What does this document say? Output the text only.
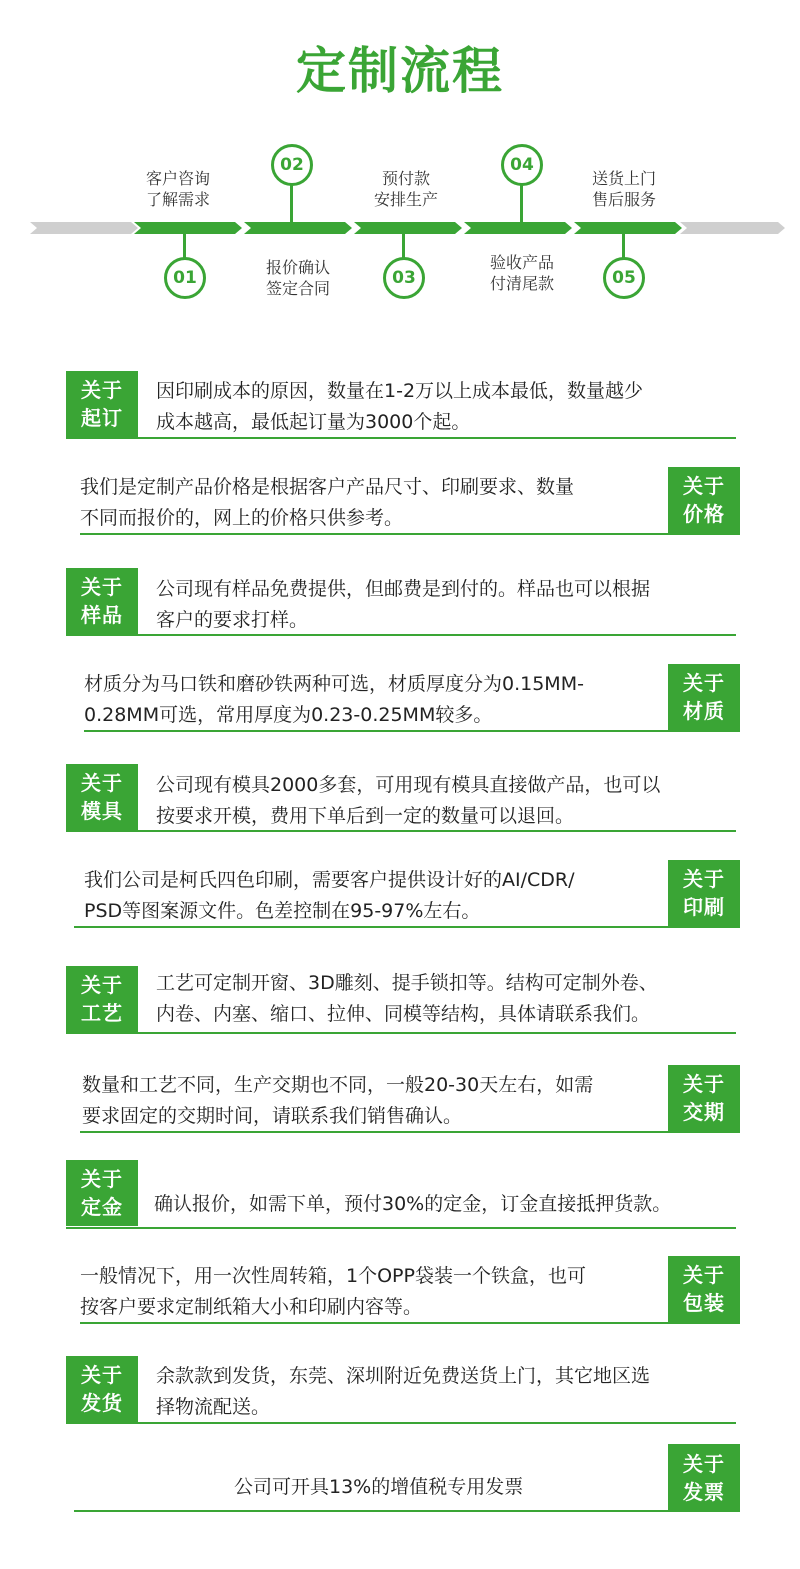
定制流程
01
客户咨询
了解需求
02
报价确认
签定合同
03
预付款
安排生产
04
验收产品
付清尾款	05
送货上门
售后服务
关于
起订
因印刷成本的原因，数量在1-2万以上成本最低，数量越少
成本越高，最低起订量为3000个起。
关于
价格
我们是定制产品价格是根据客户产品尺寸、印刷要求、数量
不同而报价的，网上的价格只供参考。
关于
样品
公司现有样品免费提供，但邮费是到付的。样品也可以根据
客户的要求打样。
关于
材质
材质分为马口铁和磨砂铁两种可选，材质厚度分为0.15MM-
0.28MM可选，常用厚度为0.23-0.25MM较多。
关于
模具
公司现有模具2000多套，可用现有模具直接做产品，也可以
按要求开模，费用下单后到一定的数量可以退回。
关于
印刷
我们公司是柯氏四色印刷，需要客户提供设计好的AI/CDR/
PSD等图案源文件。色差控制在95-97%左右。
关于
工艺
工艺可定制开窗、3D雕刻、提手锁扣等。结构可定制外卷、
内卷、内塞、缩口、拉伸、同模等结构，具体请联系我们。
关于
交期
数量和工艺不同，生产交期也不同，一般20-30天左右，如需
要求固定的交期时间，请联系我们销售确认。
关于
定金 确认报价，如需下单，预付30%的定金，订金直接抵押货款。
关于
包装
一般情况下，用一次性周转箱，1个OPP袋装一个铁盒，也可
按客户要求定制纸箱大小和印刷内容等。
关于
发货
余款款到发货，东莞、深圳附近免费送货上门，其它地区选
择物流配送。
关于
发票
公司可开具13%的增值税专用发票
